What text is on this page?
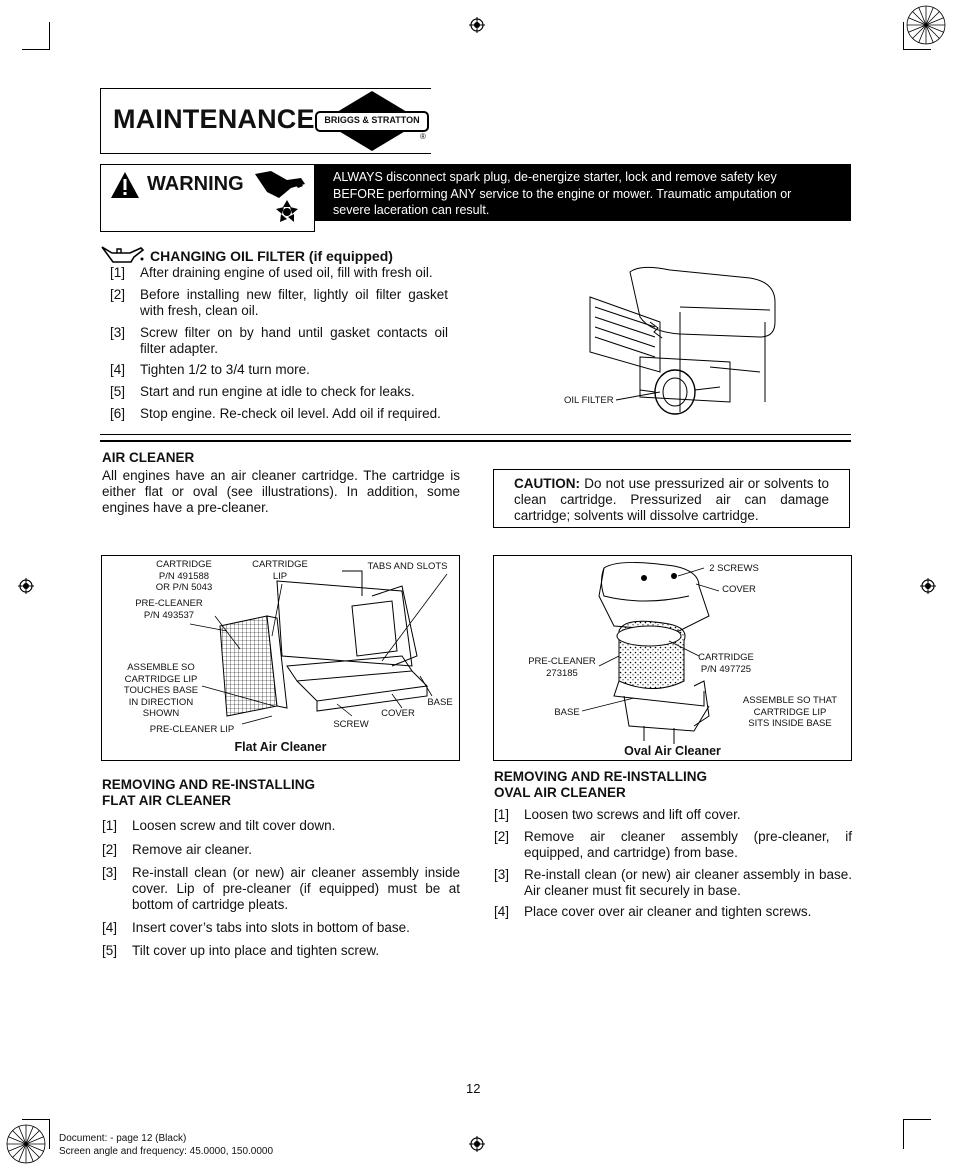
MAINTENANCE	BRIGGS & STRATTON
®
WARNING	ALWAYS disconnect spark plug, de-energize starter, lock and remove safety key BEFORE performing ANY service to the engine or mower. Traumatic amputation or severe laceration can result.
CHANGING OIL FILTER (if equipped)
[1]	After draining engine of used oil, fill with fresh oil.
[2]	Before installing new filter, lightly oil filter gasket with fresh, clean oil.
[3]	Screw filter on by hand until gasket contacts oil filter adapter.
[4]	Tighten 1/2 to 3/4 turn more.
[5]	Start and run engine at idle to check for leaks.
[6]	Stop engine. Re-check oil level. Add oil if required.
OIL FILTER
AIR CLEANER
All engines have an air cleaner cartridge. The cartridge is either flat or oval (see illustrations). In addition, some engines have a pre-cleaner.
CAUTION: Do not use pressurized air or solvents to clean cartridge. Pressurized air can damage cartridge; solvents will dissolve cartridge.
CARTRIDGE
P/N 491588
OR P/N 5043
CARTRIDGE
LIP
TABS AND SLOTS
PRE-CLEANER
P/N 493537
ASSEMBLE SO
CARTRIDGE LIP
TOUCHES BASE
IN DIRECTION
SHOWN
PRE-CLEANER LIP	SCREW
COVER
BASE
Flat Air Cleaner
2 SCREWS
COVER
PRE-CLEANER
273185
CARTRIDGE
P/N 497725
BASE
ASSEMBLE SO THAT
CARTRIDGE LIP
SITS INSIDE BASE
Oval Air Cleaner
REMOVING AND RE-INSTALLING
FLAT AIR CLEANER
[1]	Loosen screw and tilt cover down.
[2]	Remove air cleaner.
[3]	Re-install clean (or new) air cleaner assembly inside cover. Lip of pre-cleaner (if equipped) must be at bottom of cartridge pleats.
[4]	Insert cover’s tabs into slots in bottom of base.
[5]	Tilt cover up into place and tighten screw.
REMOVING AND RE-INSTALLING
OVAL AIR CLEANER
[1]	Loosen two screws and lift off cover.
[2]	Remove air cleaner assembly (pre-cleaner, if equipped, and cartridge) from base.
[3]	Re-install clean (or new) air cleaner assembly in base. Air cleaner must fit securely in base.
[4]	Place cover over air cleaner and tighten screws.
12
Document: - page 12 (Black)
Screen angle and frequency: 45.0000, 150.0000
